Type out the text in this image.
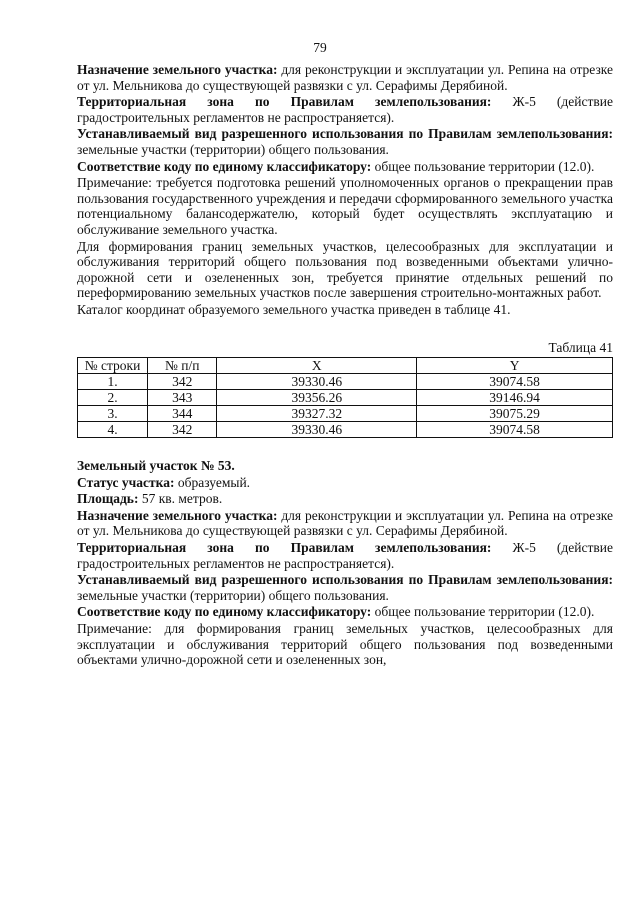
79

Назначение земельного участка: для реконструкции и эксплуатации ул. Репина на отрезке от ул. Мельникова до существующей развязки с ул. Серафимы Дерябиной.

Территориальная зона по Правилам землепользования: Ж-5 (действие градостроительных регламентов не распространяется).

Устанавливаемый вид разрешенного использования по Правилам землепользования: земельные участки (территории) общего пользования.

Соответствие коду по единому классификатору: общее пользование территории (12.0).

Примечание: требуется подготовка решений уполномоченных органов о прекращении прав пользования государственного учреждения и передачи сформированного земельного участка потенциальному балансодержателю, который будет осуществлять эксплуатацию и обслуживание земельного участка.

Для формирования границ земельных участков, целесообразных для эксплуатации и обслуживания территорий общего пользования под возведенными объектами улично-дорожной сети и озелененных зон, требуется принятие отдельных решений по переформированию земельных участков после завершения строительно-монтажных работ.

Каталог координат образуемого земельного участка приведен в таблице 41.

Таблица 41

№ строки	№ п/п	X	Y
1.	342	39330.46	39074.58
2.	343	39356.26	39146.94
3.	344	39327.32	39075.29
4.	342	39330.46	39074.58

Земельный участок № 53.

Статус участка: образуемый.

Площадь: 57 кв. метров.

Назначение земельного участка: для реконструкции и эксплуатации ул. Репина на отрезке от ул. Мельникова до существующей развязки с ул. Серафимы Дерябиной.

Территориальная зона по Правилам землепользования: Ж-5 (действие градостроительных регламентов не распространяется).

Устанавливаемый вид разрешенного использования по Правилам землепользования: земельные участки (территории) общего пользования.

Соответствие коду по единому классификатору: общее пользование территории (12.0).

Примечание: для формирования границ земельных участков, целесообразных для эксплуатации и обслуживания территорий общего пользования под возведенными объектами улично-дорожной сети и озелененных зон,
